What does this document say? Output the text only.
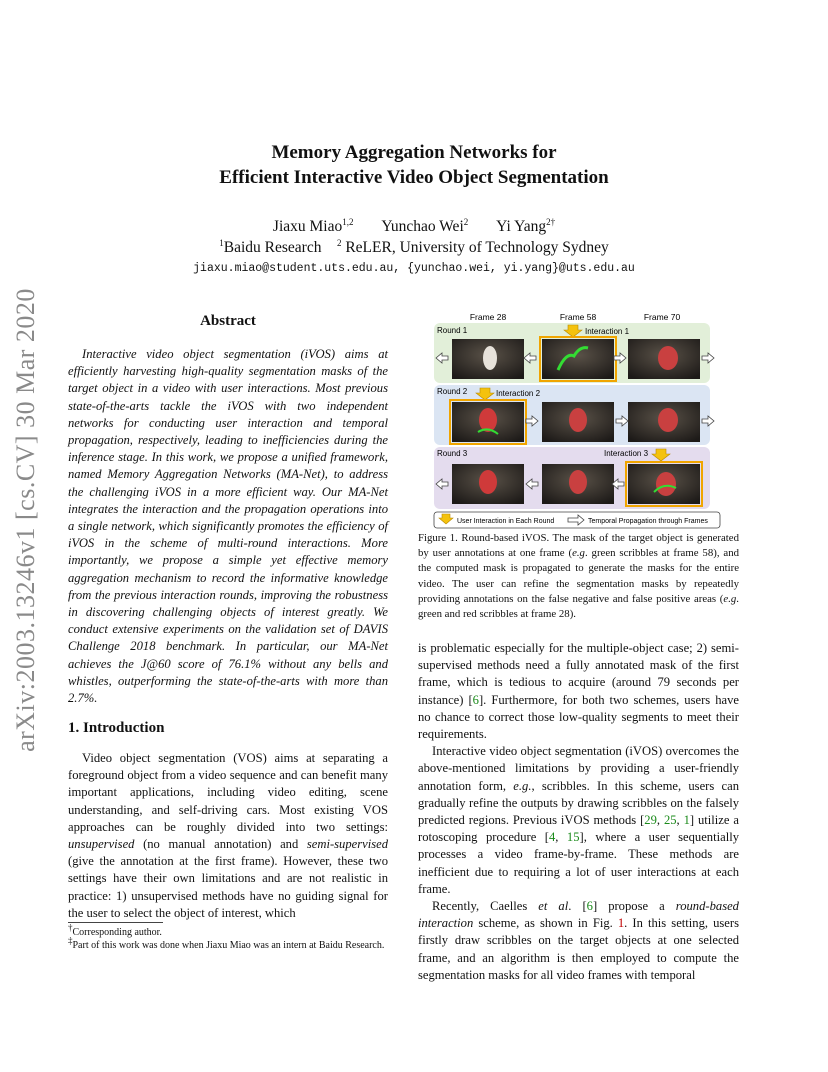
Memory Aggregation Networks for
Efficient Interactive Video Object Segmentation
Jiaxu Miao$^{1,2}$ Yunchao Wei$^2$ Yi Yang$^{2\dagger}$
$^1$Baidu Research $^2$ ReLER, University of Technology Sydney
jiaxu.miao@student.uts.edu.au, {yunchao.wei, yi.yang}@uts.edu.au
arXiv:2003.13246v1 [cs.CV] 30 Mar 2020	Abstract
Interactive video object segmentation (iVOS) aims at efficiently harvesting high-quality segmentation masks of the target object in a video with user interactions. Most previous state-of-the-arts tackle the iVOS with two independent networks for conducting user interaction and temporal propagation, respectively, leading to inefficiencies during the inference stage. In this work, we propose a unified framework, named Memory Aggregation Networks (MA-Net), to address the challenging iVOS in a more efficient way. Our MA-Net integrates the interaction and the propagation operations into a single network, which significantly promotes the efficiency of iVOS in the scheme of multi-round interactions. More importantly, we propose a simple yet effective memory aggregation mechanism to record the informative knowledge from the previous interaction rounds, improving the robustness in discovering challenging objects of interest greatly. We conduct extensive experiments on the validation set of DAVIS Challenge 2018 benchmark. In particular, our MA-Net achieves the J@60 score of 76.1% without any bells and whistles, outperforming the state-of-the-arts with more than 2.7%.
1. Introduction
Video object segmentation (VOS) aims at separating a foreground object from a video sequence and can benefit many important applications, including video editing, scene understanding, and self-driving cars. Most existing VOS approaches can be roughly divided into two settings: unsupervised (no manual annotation) and semi-supervised (give the annotation at the first frame). However, these two settings have their own limitations and are not realistic in practice: 1) unsupervised methods have no guiding signal for the user to select the object of interest, which
†Corresponding author.
‡Part of this work was done when Jiaxu Miao was an intern at Baidu Research.
Frame 28	Frame 58	Frame 70
Round 1
Round 2
Round 3
Interaction 1
Interaction 2
Interaction 3
User Interaction in Each Round	Temporal Propagation through Frames
Figure 1. Round-based iVOS. The mask of the target object is generated by user annotations at one frame (e.g. green scribbles at frame 58), and the computed mask is propagated to generate the masks for the entire video. The user can refine the segmentation masks by repeatedly providing annotations on the false negative and false positive areas (e.g. green and red scribbles at frame 28).

is problematic especially for the multiple-object case; 2) semi-supervised methods need a fully annotated mask of the first frame, which is tedious to acquire (around 79 seconds per instance) [6]. Furthermore, for both two schemes, users have no chance to correct those low-quality segments to meet their requirements.

Interactive video object segmentation (iVOS) overcomes the above-mentioned limitations by providing a user-friendly annotation form, e.g., scribbles. In this scheme, users can gradually refine the outputs by drawing scribbles on the falsely predicted regions. Previous iVOS methods [29, 25, 1] utilize a rotoscoping procedure [4, 15], where a user sequentially processes a video frame-by-frame. These methods are inefficient due to requiring a lot of user interactions at each frame.

Recently, Caelles et al. [6] propose a round-based interaction scheme, as shown in Fig. 1. In this setting, users firstly draw scribbles on the target objects at one selected frame, and an algorithm is then employed to compute the segmentation masks for all video frames with temporal
